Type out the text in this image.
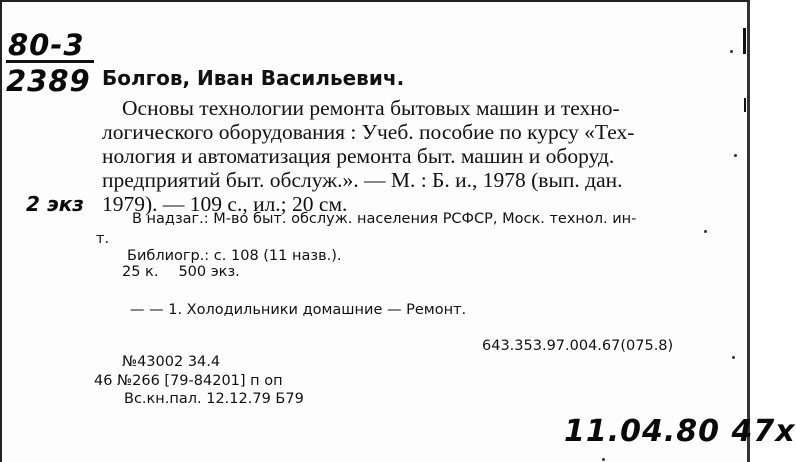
80-3
2389 Болгов, Иван Васильевич.
Основы технологии ремонта бытовых машин и техно-
логического оборудования : Учеб. пособие по курсу «Тех-
нология и автоматизация ремонта быт. машин и оборуд.
предприятий быт. обслуж.». — М. : Б. и., 1978 (вып. дан.
1979). — 109 с., ил.; 20 см.
2 экз
В надзаг.: М-во быт. обслуж. населения РСФСР, Моск. технол. ин-
т.
Библиогр.: с. 108 (11 назв.).
25 к. 500 экз.
— — 1. Холодильники домашние — Ремонт.
643.353.97.004.67(075.8)
№43002 34.4
46 №266 [79-84201] п оп
Вс.кн.пал. 12.12.79 Б79
11.04.80 47x
